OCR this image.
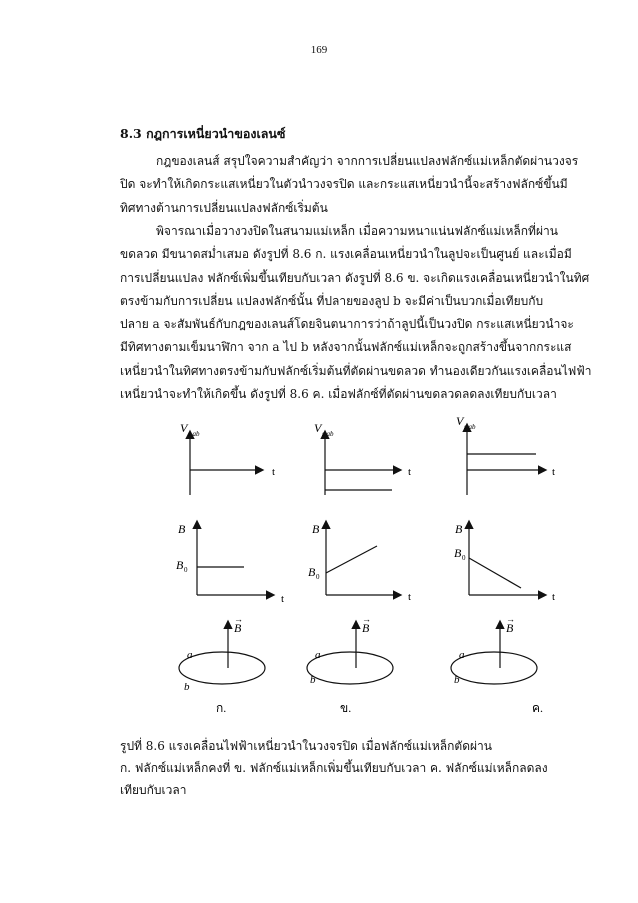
169
8.3 กฎการเหนี่ยวนำของเลนซ์
กฎของเลนส์ สรุปใจความสำคัญว่า จากการเปลี่ยนแปลงฟลักซ์แม่เหล็กตัดผ่านวงจร
ปิด จะทำให้เกิดกระแสเหนี่ยวในตัวนำวงจรปิด และกระแสเหนี่ยวนำนี้จะสร้างฟลักซ์ขึ้นมี
ทิศทางต้านการเปลี่ยนแปลงฟลักซ์เริ่มต้น
พิจารณาเมื่อวางวงปิดในสนามแม่เหล็ก เมื่อความหนาแน่นฟลักซ์แม่เหล็กที่ผ่าน
ขดลวด มีขนาดสม่ำเสมอ ดังรูปที่ 8.6 ก. แรงเคลื่อนเหนี่ยวนำในลูปจะเป็นศูนย์ และเมื่อมี
การเปลี่ยนแปลง ฟลักซ์เพิ่มขึ้นเทียบกับเวลา ดังรูปที่ 8.6 ข. จะเกิดแรงเคลื่อนเหนี่ยวนำในทิศ
ตรงข้ามกับการเปลี่ยน แปลงฟลักซ์นั้น ที่ปลายของลูป b จะมีค่าเป็นบวกเมื่อเทียบกับ
ปลาย a จะสัมพันธ์กับกฎของเลนส์โดยจินตนาการว่าถ้าลูปนี้เป็นวงปิด กระแสเหนี่ยวนำจะ
มีทิศทางตามเข็มนาฬิกา จาก a ไป b หลังจากนั้นฟลักซ์แม่เหล็กจะถูกสร้างขึ้นจากกระแส
เหนี่ยวนำในทิศทางตรงข้ามกับฟลักซ์เริ่มต้นที่ตัดผ่านขดลวด ทำนองเดียวกันแรงเคลื่อนไฟฟ้า
เหนี่ยวนำจะทำให้เกิดขึ้น ดังรูปที่ 8.6 ค. เมื่อฟลักซ์ที่ตัดผ่านขดลวดลดลงเทียบกับเวลา
V ε ab
t
V ε ab
t
V ε ab
t
B
B 0
t
B
B 0
t
B
B 0
t
B
→
a
b
ก.
B
→
a
b
ข.
B
→
a
b
ค.
รูปที่ 8.6 แรงเคลื่อนไฟฟ้าเหนี่ยวนำในวงจรปิด เมื่อฟลักซ์แม่เหล็กตัดผ่าน
ก. ฟลักซ์แม่เหล็กคงที่ ข. ฟลักซ์แม่เหล็กเพิ่มขึ้นเทียบกับเวลา ค. ฟลักซ์แม่เหล็กลดลง
เทียบกับเวลา
